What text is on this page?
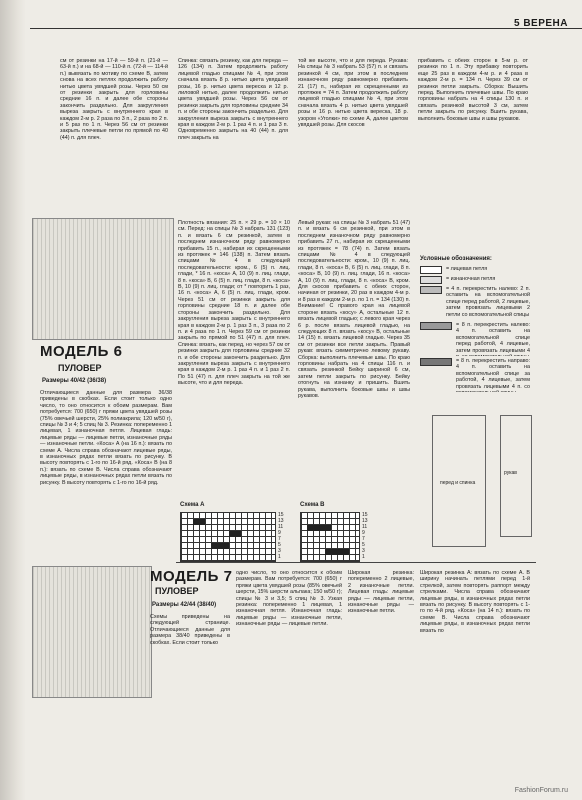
5 ВЕРЕНА
см от резинки на 17-й — 59-й п. (21-й — 63-й п.) и на 68-й — 110-й п. (72-й — 114-й п.) вывязать по мотиву по схеме В, затем снова на всех петлях продолжить работу нитью цвета увядшей розы. Через 50 см от резинки закрыть для горловины средние 16 п. и далее обе стороны закончить раздельно. Для закругления вырезa закрыть с внутреннего края в каждом 2-м р. 2 раза по 3 п., 2 раза по 2 п. и 5 раз по 1 п. Через 56 см от резинки закрыть плечевые петли по прямой по 40 (44) п. для плеч.
Спинка: связать резинку, как для переда — 126 (134) п. Затем продолжить работу лицевой гладью спицами № 4, при этом сначала вязать 8 р. нитью цвета увядшей розы, 16 р. нитью цвета вереска и 12 р. лиловой нитью, далее продолжить нитью цвета увядшей розы. Через 56 см от резинки закрыть для горловины средние 34 п. и обе стороны закончить раздельно. Для закругления выреза закрыть с внутреннего края в каждом 2-м р. 1 раз 4 п. и 1 раз 3 п. Одновременно закрыть на 40 (44) п. для плеч закрыть на
той же высоте, что и для переда. Рукава: На спицы № 3 набрать 53 (57) п. и связать резинкой 4 см, при этом в последнем изнаночном ряду равномерно прибавить 21 (17) п., набирая их скрещенными из протяжек = 74 п. Затем продолжить работу лицевой гладью спицами № 4, при этом сначала вязать 4 р. нитью цвета увядшей розы и 16 р. нитью цвета вереска, 18 р. узором «Уголки» по схеме А, далее цветом увядшей розы. Для скосов
прибавить с обеих сторон в 5-м р. от резинки по 1 п. Эту прибавку повторить еще 25 раз в каждом 4-м р. и 4 раза в каждом 2-м р. = 134 п. Через 39 см от резинки петли закрыть. Сборка: Вышить перед. Выполнить плечевые швы. По краю горловины набрать на 4 спицы 130 п. и связать резинкой высотой 3 см, затем петли закрыть по рисунку. Вшить рукава, выполнить боковые швы и швы рукавов.
МОДЕЛЬ 6
ПУЛОВЕР
Размеры 40/42 (36/38)
Отличающиеся данные для размера 36/38 приведены в скобках. Если стоит только одно число, то оно относится к обоим размерам. Вам потребуется: 700 (650) г пряжи цвета увядшей розы (75% овечьей шерсти, 25% полиакрила; 120 м/50 г), спицы № 3 и 4; 5 спиц № 3. Резинка: попеременно 1 лицевая, 1 изнаночная петля. Лицевая гладь: лицевые ряды — лицевые петли, изнаночные ряды — изнаночные петли. «Коса» А (на 16 п.): вязать по схеме А. Числа справа обозначают лицевые ряды, в изнаночных рядах петли вязать по рисунку. В высоту повторять с 1-го по 16-й ряд. «Коса» В (на 8 п.): вязать по схеме В. Числа справа обозначают лицевые ряды, в изнаночных рядах петли вязать по рисунку. В высоту повторять с 1-го по 16-й ряд.
Плотность вязания: 25 п. × 29 р. = 10 × 10 см. Перед: на спицы № 3 набрать 131 (123) п. и вязать 6 см резинкой, затем в последнем изнаночном ряду равномерно прибавить 15 п., набирая их скрещенными из протяжек = 146 (138) п. Затем вязать спицами № 4 в следующей последовательности: кром., 6 (5) п. лиц. глади, * 16 п. «коса» А, 10 (9) п. лиц. глади, 8 п. «коса» В, 6 (5) п. лиц. глади, 8 п. «коса» В, 10 (9) п. лиц. глади; от * повторить 1 раз, 16 п. «коса» А, 6 (5) п. лиц. глади, кром. Через 51 см от резинки закрыть для горловины средние 18 п. и далее обе стороны закончить раздельно. Для закругления выреза закрыть с внутреннего края в каждом 2-м р. 1 раз 3 п., 3 раза по 2 п. и 4 раза по 1 п. Через 59 см от резинки закрыть по прямой по 51 (47) п. для плеч. Спинка: вязать, как перед, но через 57 см от резинки закрыть для горловины средние 32 п. и обе стороны закончить раздельно. Для закругления выреза закрыть с внутреннего края в каждом 2-м р. 1 раз 4 п. и 1 раз 2 п. По 51 (47) п. для плеч закрыть на той же высоте, что и для переда.
Левый рукав: на спицы № 3 набрать 51 (47) п. и вязать 6 см резинкой, при этом в последнем изнаночном ряду равномерно прибавить 27 п., набирая их скрещенными из протяжек = 78 (74) п. Затем вязать спицами № 4 в следующей последовательности: кром., 10 (9) п. лиц. глади, 8 п. «коса» В, 6 (5) п. лиц. глади, 8 п. «коса» В, 10 (9) п. лиц. глади, 16 п. «коса» А, 10 (9) п. лиц. глади, 8 п. «коса» В, кром. Для скосов прибавить с обеих сторон, начиная от резинки, 20 раз в каждом 4-м р. и 8 раз в каждом 2-м р. по 1 п. = 134 (130) п. Внимание! С правого края на лицевой стороне вязать «косу» А, остальные 12 п. вязать лицевой гладью; с левого края через 6 р. после вязать лицевой гладью, на следующих 8 п. вязать «косу» В, остальные 14 (15) п. вязать лицевой гладью. Через 35 см от резинки все петли закрыть. Правый рукав: вязать симметрично левому рукаву. Сборка: выполнить плечевые швы. По краю горловины набрать на 4 спицы 116 п. и связать резинкой Бейку шириной 6 см, затем петли закрыть по рисунку. Бейку отогнуть на изнанку и пришить. Вшить рукава, выполнить боковые швы и швы рукавов.
Условные обозначения:
= лицевая петля
= изнаночная петля
= 4 п. перекрестить налево: 2 п. оставить на вспомогательной спице перед работой, 2 лицевые, затем провязать лицевыми 2 петли со вспомогательной спицы
= 8 п. перекрестить налево: 4 п. оставить на вспомогательной спице перед работой, 4 лицевые, затем провязать лицевыми 4
= 8 п. перекрестить направо: 4 п. оставить на вспомогательной спице за работой, 4 лицевые, затем провязать лицевыми 4 п. со
перед и спинка
рукав
Схема А
15
13
11
9
7
5
3
1
Схема В
15
13
11
9
7
5
3
1
МОДЕЛЬ 7
ПУЛОВЕР
Размеры 42/44 (38/40)
Схемы приведены на следующей странице. Отличающиеся данные для размера 38/40 приведены в скобках. Если стоит только
одно число, то оно относится к обоим размерам. Вам потребуется: 700 (650) г пряжи цвета увядшей розы (85% овечьей шерсти, 15% шерсти альпака; 150 м/50 г); спицы № 3 и 3,5; 5 спиц № 3. Узкая резинка: попеременно 1 лицевая, 1 изнаночная петля. Изнаночная гладь: лицевые ряды — изнаночные петли, изнаночные ряды — лицевые петли.
Широкая резинка: попеременно 2 лицевые, 2 изнаночные петли. Лицевая гладь: лицевые ряды — лицевые петли, изнаночные ряды — изнаночные петли.
Широкая резинка А: вязать по схеме А. В ширину начинать петлями перед 1-й стрелкой, затем повторять раппорт между стрелками. Числа справа обозначают лицевые ряды, в изнаночных рядах петли вязать по рисунку. В высоту повторять с 1-го по 4-й ряд. «Коса» (на 14 п.): вязать по схеме В. Числа справа обозначают лицевые ряды, в изнаночных рядах петли вязать по
FashionForum.ru
